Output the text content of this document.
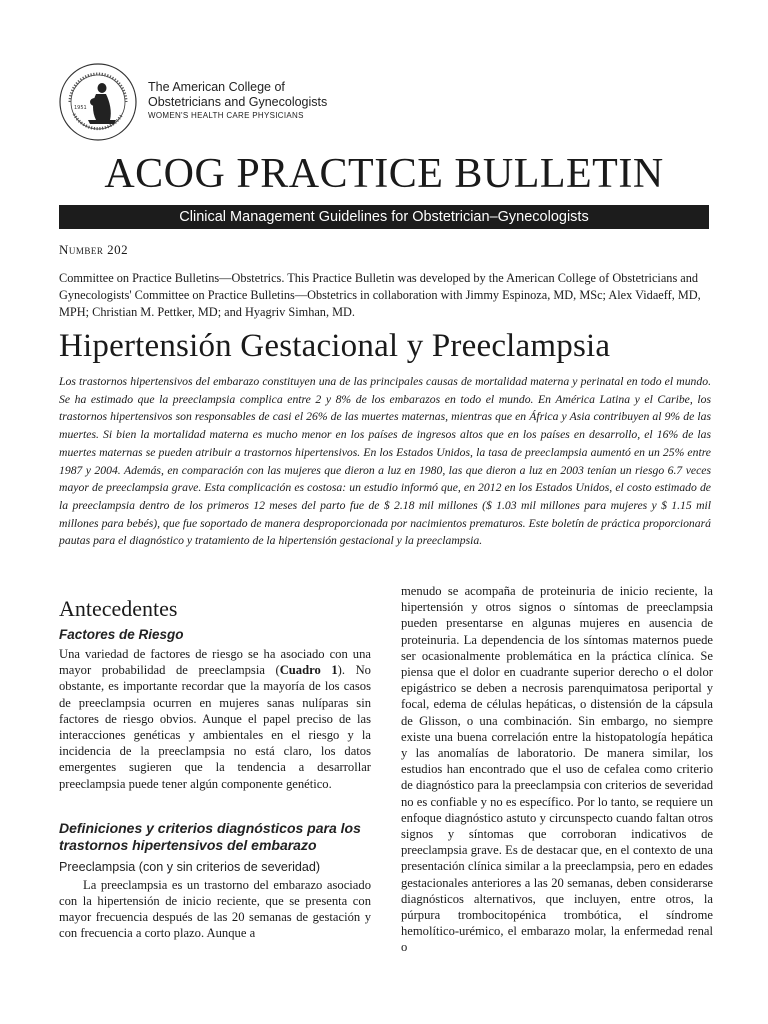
1951
The American College of
Obstetricians and Gynecologists
WOMEN'S HEALTH CARE PHYSICIANS
ACOG PRACTICE BULLETIN
Clinical Management Guidelines for Obstetrician–Gynecologists
Number 202
Committee on Practice Bulletins—Obstetrics. This Practice Bulletin was developed by the American College of Obstetricians and Gynecologists' Committee on Practice Bulletins—Obstetrics in collaboration with Jimmy Espinoza, MD, MSc; Alex Vidaeff, MD, MPH; Christian M. Pettker, MD; and Hyagriv Simhan, MD.
Hipertensión Gestacional y Preeclampsia
Los trastornos hipertensivos del embarazo constituyen una de las principales causas de mortalidad materna y perinatal en todo el mundo. Se ha estimado que la preeclampsia complica entre 2 y 8% de los embarazos en todo el mundo. En América Latina y el Caribe, los trastornos hipertensivos son responsables de casi el 26% de las muertes maternas, mientras que en África y Asia contribuyen al 9% de las muertes. Si bien la mortalidad materna es mucho menor en los países de ingresos altos que en los países en desarrollo, el 16% de las muertes maternas se pueden atribuir a trastornos hipertensivos. En los Estados Unidos, la tasa de preeclampsia aumentó en un 25% entre 1987 y 2004. Además, en comparación con las mujeres que dieron a luz en 1980, las que dieron a luz en 2003 tenían un riesgo 6.7 veces mayor de preeclampsia grave. Esta complicación es costosa: un estudio informó que, en 2012 en los Estados Unidos, el costo estimado de la preeclampsia dentro de los primeros 12 meses del parto fue de $ 2.18 mil millones ($ 1.03 mil millones para mujeres y $ 1.15 mil millones para bebés), que fue soportado de manera desproporcionada por nacimientos prematuros. Este boletín de práctica proporcionará pautas para el diagnóstico y tratamiento de la hipertensión gestacional y la preeclampsia.
Antecedentes
Factores de Riesgo

Una variedad de factores de riesgo se ha asociado con una mayor probabilidad de preeclampsia (Cuadro 1). No obstante, es importante recordar que la mayoría de los casos de preeclampsia ocurren en mujeres sanas nulíparas sin factores de riesgo obvios. Aunque el papel preciso de las interacciones genéticas y ambientales en el riesgo y la incidencia de la preeclampsia no está claro, los datos emergentes sugieren que la tendencia a desarrollar preeclampsia puede tener algún componente genético.

Definiciones y criterios diagnósticos para los trastornos hipertensivos del embarazo
Preeclampsia (con y sin criterios de severidad)

La preeclampsia es un trastorno del embarazo asociado con la hipertensión de inicio reciente, que se presenta con mayor frecuencia después de las 20 semanas de gestación y con frecuencia a corto plazo. Aunque a

menudo se acompaña de proteinuria de inicio reciente, la hipertensión y otros signos o síntomas de preeclampsia pueden presentarse en algunas mujeres en ausencia de proteinuria. La dependencia de los síntomas maternos puede ser ocasionalmente problemática en la práctica clínica. Se piensa que el dolor en cuadrante superior derecho o el dolor epigástrico se deben a necrosis parenquimatosa periportal y focal, edema de células hepáticas, o distensión de la cápsula de Glisson, o una combinación. Sin embargo, no siempre existe una buena correlación entre la histopatología hepática y las anomalías de laboratorio. De manera similar, los estudios han encontrado que el uso de cefalea como criterio de diagnóstico para la preeclampsia con criterios de severidad no es confiable y no es específico. Por lo tanto, se requiere un enfoque diagnóstico astuto y circunspecto cuando faltan otros signos y síntomas que corroboran indicativos de preeclampsia grave. Es de destacar que, en el contexto de una presentación clínica similar a la preeclampsia, pero en edades gestacionales anteriores a las 20 semanas, deben considerarse diagnósticos alternativos, que incluyen, entre otros, la púrpura trombocitopénica trombótica, el síndrome hemolítico-urémico, el embarazo molar, la enfermedad renal o
